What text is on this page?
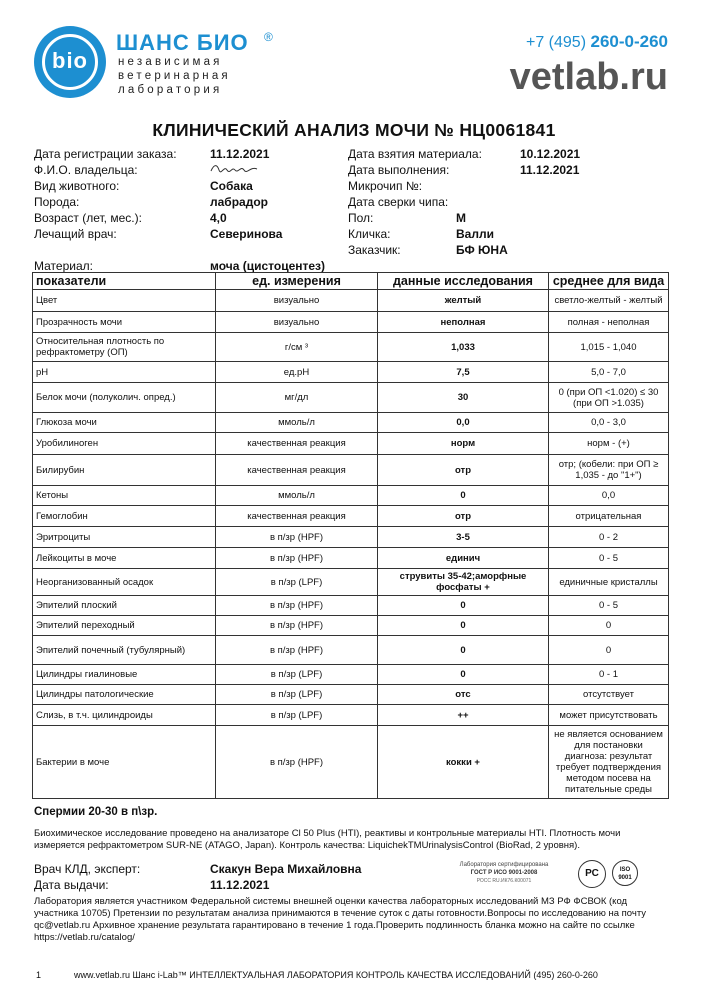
bio
ШАНС БИО ®
независимая
ветеринарная
лаборатория
+7 (495) 260-0-260
vetlab.ru
КЛИНИЧЕСКИЙ АНАЛИЗ МОЧИ № НЦ0061841
Дата регистрации заказа:	11.12.2021
Ф.И.О. владельца:
Вид животного:	Собака
Порода:	лабрадор
Возраст (лет, мес.):	4,0
Лечащий врач:	Северинова
Дата взятия материала:	10.12.2021
Дата выполнения:	11.12.2021
Микрочип №:
Дата сверки чипа:
Пол:	М
Кличка:	Валли
Заказчик:	БФ ЮНА
Материал:	моча (цистоцентез)
показатели	ед. измерения	данные исследования	среднее для вида
Цвет	визуально	желтый	светло-желтый - желтый
Прозрачность мочи	визуально	неполная	полная - неполная
Относительная плотность по рефрактометру (ОП)	г/см ³	1,033	1,015 - 1,040
pH	ед.pH	7,5	5,0 - 7,0
Белок мочи (полуколич. опред.)	мг/дл	30	0 (при ОП <1.020) ≤ 30 (при ОП >1.035)
Глюкоза мочи	ммоль/л	0,0	0,0 - 3,0
Уробилиноген	качественная реакция	норм	норм - (+)
Билирубин	качественная реакция	отр	отр; (кобели: при ОП ≥ 1,035 - до "1+")
Кетоны	ммоль/л	0	0,0
Гемоглобин	качественная реакция	отр	отрицательная
Эритроциты	в п/зр (HPF)	3-5	0 - 2
Лейкоциты в моче	в п/зр (HPF)	единич	0 - 5
Неорганизованный осадок	в п/зр (LPF)	струвиты 35-42;аморфные фосфаты +	единичные кристаллы
Эпителий плоский	в п/зр (HPF)	0	0 - 5
Эпителий переходный	в п/зр (HPF)	0	0
Эпителий почечный (тубулярный)	в п/зр (HPF)	0	0
Цилиндры гиалиновые	в п/зр (LPF)	0	0 - 1
Цилиндры патологические	в п/зр (LPF)	отс	отсутствует
Слизь, в т.ч. цилиндроиды	в п/зр (LPF)	++	может присутствовать
Бактерии в моче	в п/зр (HPF)	кокки +	не является основанием для постановки диагноза: результат требует подтверждения методом посева на питательные среды
Спермии 20-30 в п\зр.
Биохимическое исследование проведено на анализаторе Cl 50 Plus (HTI), реактивы и контрольные материалы HTI. Плотность мочи измеряется рефрактометром SUR-NE (ATAGO, Japan). Контроль качества: LiquichekTMUrinalysisControl (BioRad, 2 уровня).
Врач КЛД, эксперт:	Скакун Вера Михайловна
Дата выдачи:	11.12.2021
Лаборатория сертифицирована
ГОСТ Р ИСО 9001-2008
РОСС RU.ИК76.К00071
РС	ISO 9001
Лаборатория является участником Федеральной системы внешней оценки качества лабораторных исследований МЗ РФ ФСВОК (код участника 10705) Претензии по результатам анализа принимаются в течение суток с даты готовности.Вопросы по исследованию на почту qc@vetlab.ru Архивное хранение результата гарантировано в течение 1 года.Проверить подлинность бланка можно на сайте по ссылке https://vetlab.ru/catalog/
1	www.vetlab.ru Шанс i-Lab™ ИНТЕЛЛЕКТУАЛЬНАЯ ЛАБОРАТОРИЯ КОНТРОЛЬ КАЧЕСТВА ИССЛЕДОВАНИЙ (495) 260-0-260
